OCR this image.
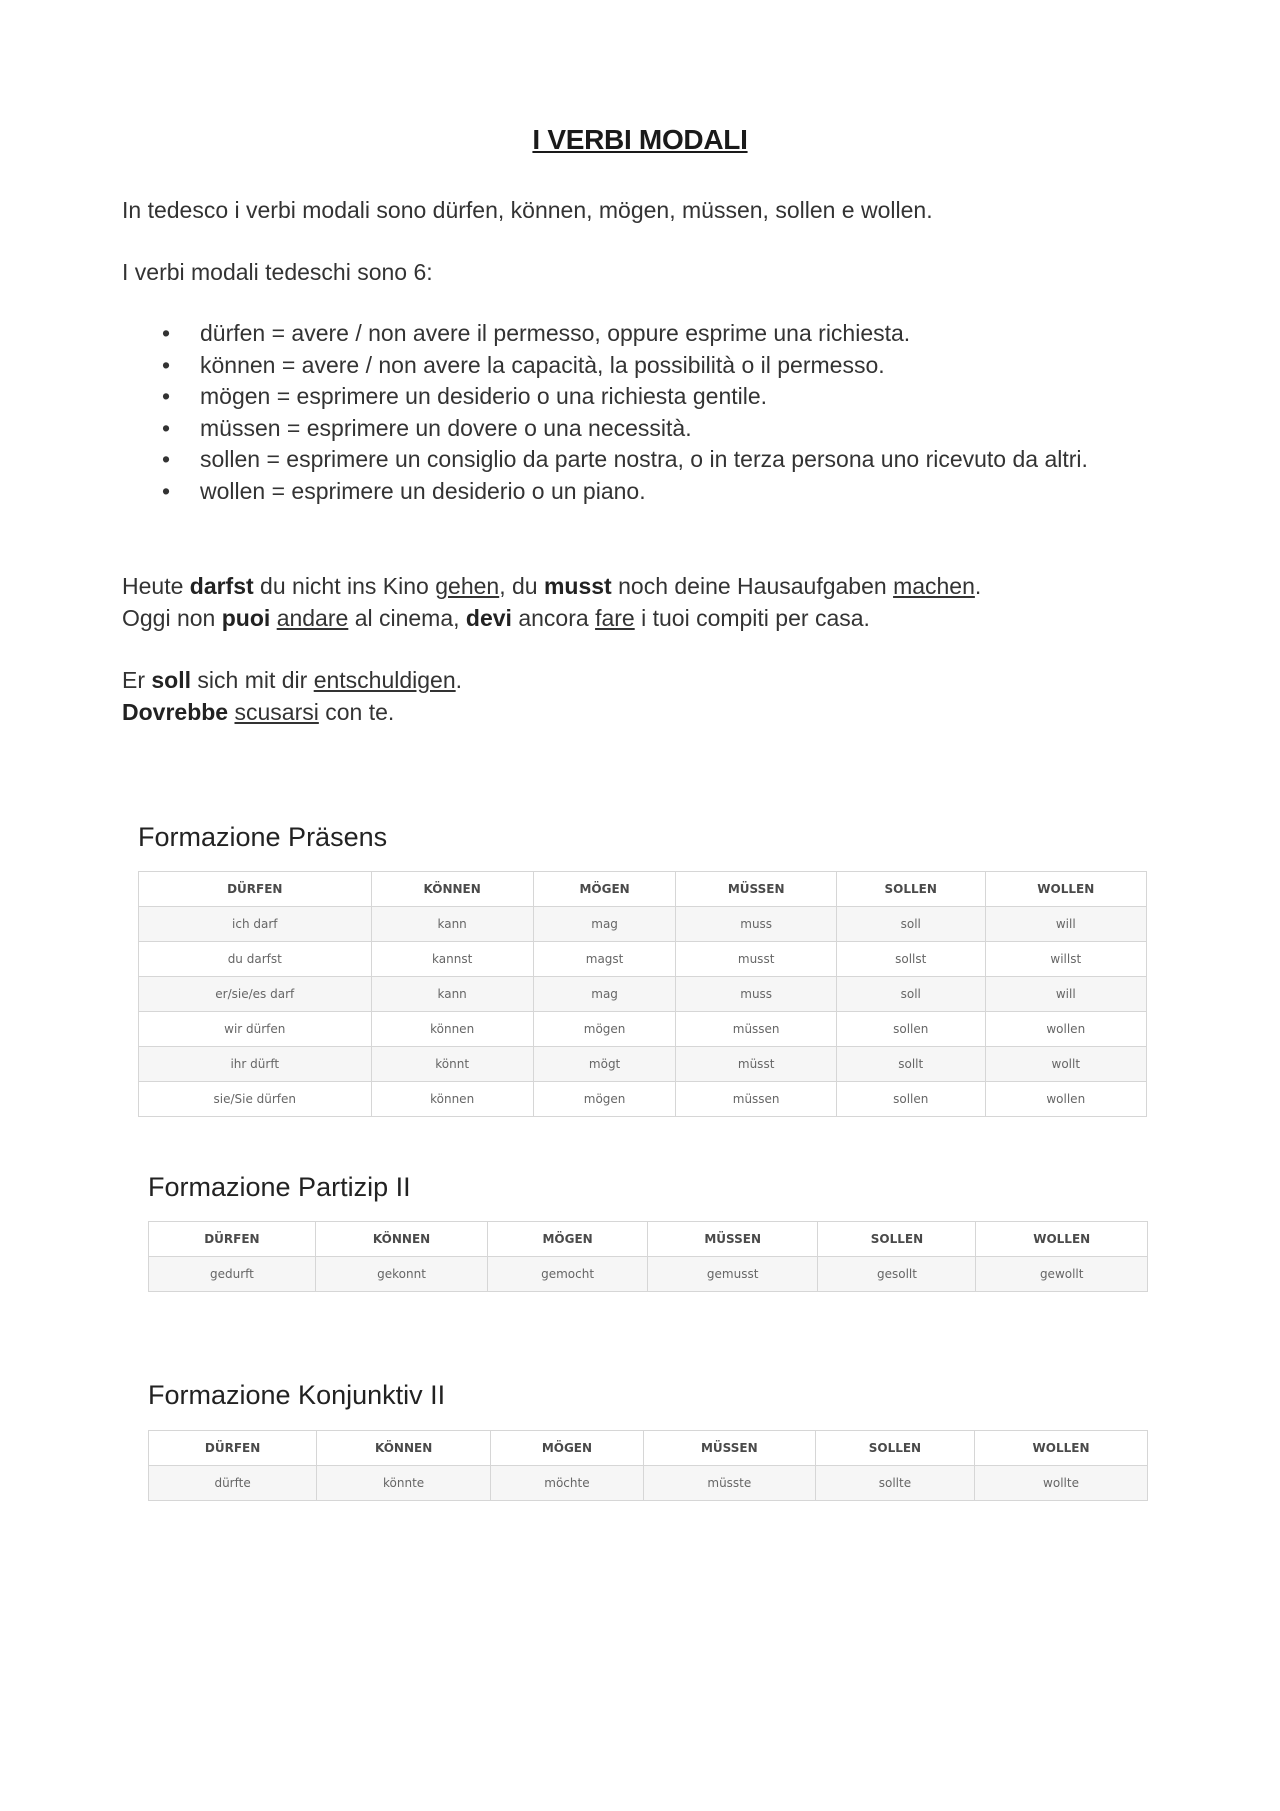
I VERBI MODALI
In tedesco i verbi modali sono dürfen, können, mögen, müssen, sollen e wollen.
I verbi modali tedeschi sono 6:
• dürfen = avere / non avere il permesso, oppure esprime una richiesta.
• können = avere / non avere la capacità, la possibilità o il permesso.
• mögen = esprimere un desiderio o una richiesta gentile.
• müssen = esprimere un dovere o una necessità.
• sollen = esprimere un consiglio da parte nostra, o in terza persona uno ricevuto da altri.
• wollen = esprimere un desiderio o un piano.
Heute darfst du nicht ins Kino gehen, du musst noch deine Hausaufgaben machen.
Oggi non puoi andare al cinema, devi ancora fare i tuoi compiti per casa.
Er soll sich mit dir entschuldigen.
Dovrebbe scusarsi con te.
Formazione Präsens
DÜRFEN	KÖNNEN	MÖGEN	MÜSSEN	SOLLEN	WOLLEN
ich darf	kann	mag	muss	soll	will
du darfst	kannst	magst	musst	sollst	willst
er/sie/es darf	kann	mag	muss	soll	will
wir dürfen	können	mögen	müssen	sollen	wollen
ihr dürft	könnt	mögt	müsst	sollt	wollt
sie/Sie dürfen	können	mögen	müssen	sollen	wollen
Formazione Partizip II
DÜRFEN	KÖNNEN	MÖGEN	MÜSSEN	SOLLEN	WOLLEN
gedurft	gekonnt	gemocht	gemusst	gesollt	gewollt
Formazione Konjunktiv II
DÜRFEN	KÖNNEN	MÖGEN	MÜSSEN	SOLLEN	WOLLEN
dürfte	könnte	möchte	müsste	sollte	wollte
